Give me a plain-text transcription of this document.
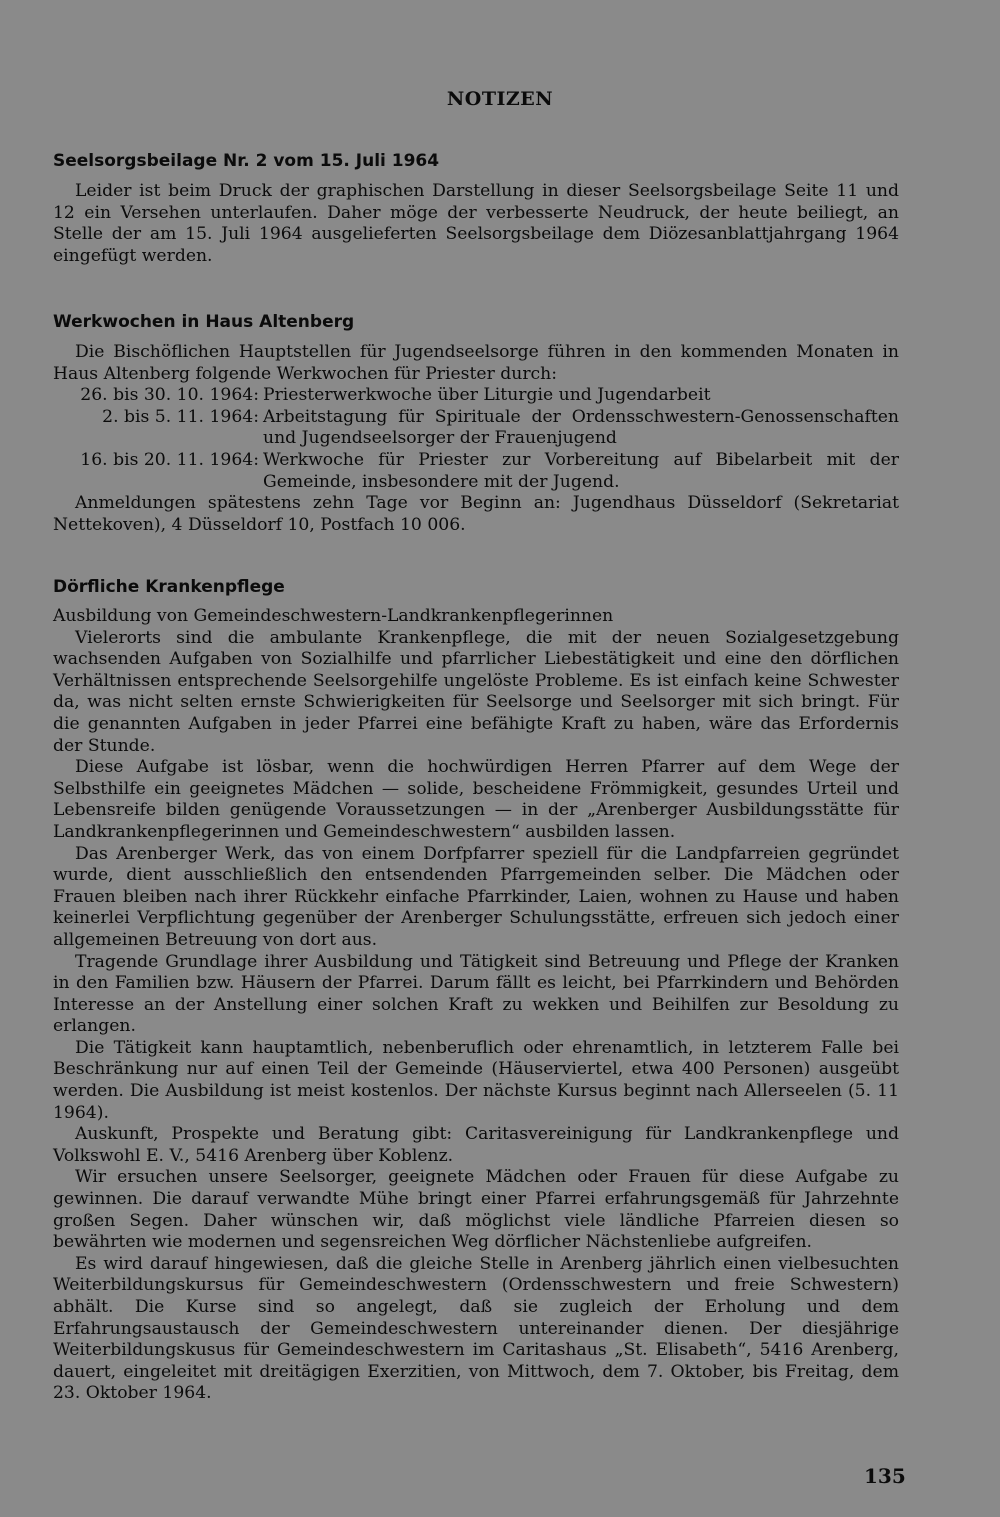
NOTIZEN
Seelsorgsbeilage Nr. 2 vom 15. Juli 1964

Leider ist beim Druck der graphischen Darstellung in dieser Seelsorgsbeilage Seite 11 und 12 ein Versehen unterlaufen. Daher möge der verbesserte Neudruck, der heute beiliegt, an Stelle der am 15. Juli 1964 ausgelieferten Seelsorgsbeilage dem Diözesanblattjahrgang 1964 eingefügt werden.

Werkwochen in Haus Altenberg

Die Bischöflichen Hauptstellen für Jugendseelsorge führen in den kommenden Monaten in Haus Altenberg folgende Werkwochen für Priester durch:

26. bis 30. 10. 1964: Priesterwerkwoche über Liturgie und Jugendarbeit
2. bis 5. 11. 1964: Arbeitstagung für Spirituale der Ordensschwestern-Genossenschaften und Jugendseelsorger der Frauenjugend
16. bis 20. 11. 1964: Werkwoche für Priester zur Vorbereitung auf Bibelarbeit mit der Gemeinde, insbesondere mit der Jugend.

Anmeldungen spätestens zehn Tage vor Beginn an: Jugendhaus Düsseldorf (Sekretariat Nettekoven), 4 Düsseldorf 10, Postfach 10 006.

Dörfliche Krankenpflege

Ausbildung von Gemeindeschwestern-Landkrankenpflegerinnen

Vielerorts sind die ambulante Krankenpflege, die mit der neuen Sozialgesetzgebung wachsenden Aufgaben von Sozialhilfe und pfarrlicher Liebestätigkeit und eine den dörflichen Verhältnissen entsprechende Seelsorgehilfe ungelöste Probleme. Es ist einfach keine Schwester da, was nicht selten ernste Schwierigkeiten für Seelsorge und Seelsorger mit sich bringt. Für die genannten Aufgaben in jeder Pfarrei eine befähigte Kraft zu haben, wäre das Erfordernis der Stunde.

Diese Aufgabe ist lösbar, wenn die hochwürdigen Herren Pfarrer auf dem Wege der Selbsthilfe ein geeignetes Mädchen — solide, bescheidene Frömmigkeit, gesundes Urteil und Lebensreife bilden genügende Voraussetzungen — in der „Arenberger Ausbildungsstätte für Landkrankenpflegerinnen und Gemeindeschwestern“ ausbilden lassen.

Das Arenberger Werk, das von einem Dorfpfarrer speziell für die Landpfarreien gegründet wurde, dient ausschließlich den entsendenden Pfarrgemeinden selber. Die Mädchen oder Frauen bleiben nach ihrer Rückkehr einfache Pfarrkinder, Laien, wohnen zu Hause und haben keinerlei Verpflichtung gegenüber der Arenberger Schulungsstätte, erfreuen sich jedoch einer allgemeinen Betreuung von dort aus.

Tragende Grundlage ihrer Ausbildung und Tätigkeit sind Betreuung und Pflege der Kranken in den Familien bzw. Häusern der Pfarrei. Darum fällt es leicht, bei Pfarrkindern und Behörden Interesse an der Anstellung einer solchen Kraft zu wekken und Beihilfen zur Besoldung zu erlangen.

Die Tätigkeit kann hauptamtlich, nebenberuflich oder ehrenamtlich, in letzterem Falle bei Beschränkung nur auf einen Teil der Gemeinde (Häuserviertel, etwa 400 Personen) ausgeübt werden. Die Ausbildung ist meist kostenlos. Der nächste Kursus beginnt nach Allerseelen (5. 11 1964).

Auskunft, Prospekte und Beratung gibt: Caritasvereinigung für Landkrankenpflege und Volkswohl E. V., 5416 Arenberg über Koblenz.

Wir ersuchen unsere Seelsorger, geeignete Mädchen oder Frauen für diese Aufgabe zu gewinnen. Die darauf verwandte Mühe bringt einer Pfarrei erfahrungsgemäß für Jahrzehnte großen Segen. Daher wünschen wir, daß möglichst viele ländliche Pfarreien diesen so bewährten wie modernen und segensreichen Weg dörflicher Nächstenliebe aufgreifen.

Es wird darauf hingewiesen, daß die gleiche Stelle in Arenberg jährlich einen vielbesuchten Weiterbildungskursus für Gemeindeschwestern (Ordensschwestern und freie Schwestern) abhält. Die Kurse sind so angelegt, daß sie zugleich der Erholung und dem Erfahrungsaustausch der Gemeindeschwestern untereinander dienen. Der diesjährige Weiterbildungskusus für Gemeindeschwestern im Caritashaus „St. Elisabeth“, 5416 Arenberg, dauert, eingeleitet mit dreitägigen Exerzitien, von Mittwoch, dem 7. Oktober, bis Freitag, dem 23. Oktober 1964.

135
